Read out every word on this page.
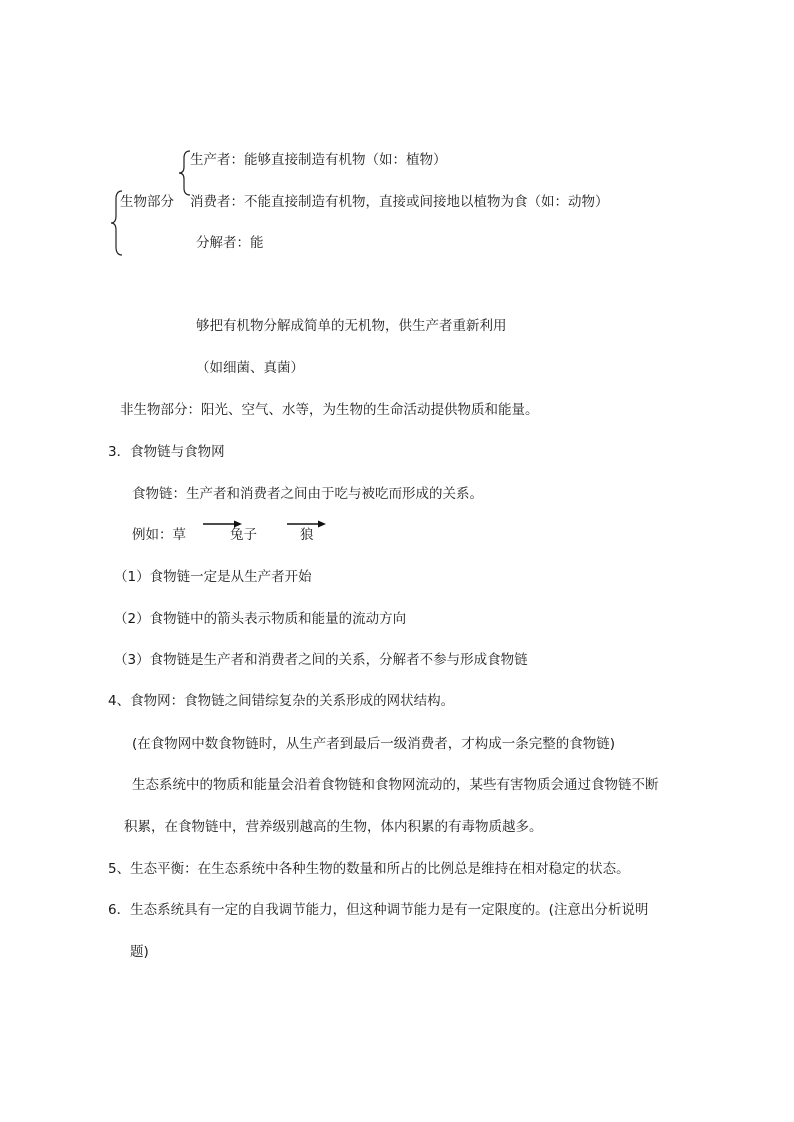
生产者：能够直接制造有机物（如：植物）
生物部分 消费者：不能直接制造有机物，直接或间接地以植物为食（如：动物）
分解者：能
够把有机物分解成简单的无机物，供生产者重新利用
（如细菌、真菌）
非生物部分：阳光、空气、水等，为生物的生命活动提供物质和能量。
3．食物链与食物网
食物链：生产者和消费者之间由于吃与被吃而形成的关系。
例如：草	兔子	狼
（1）食物链一定是从生产者开始
（2）食物链中的箭头表示物质和能量的流动方向
（3）食物链是生产者和消费者之间的关系，分解者不参与形成食物链
4、食物网：食物链之间错综复杂的关系形成的网状结构。
(在食物网中数食物链时，从生产者到最后一级消费者，才构成一条完整的食物链)
生态系统中的物质和能量会沿着食物链和食物网流动的，某些有害物质会通过食物链不断
积累，在食物链中，营养级别越高的生物，体内积累的有毒物质越多。
5、生态平衡：在生态系统中各种生物的数量和所占的比例总是维持在相对稳定的状态。
6．生态系统具有一定的自我调节能力，但这种调节能力是有一定限度的。(注意出分析说明
题)
